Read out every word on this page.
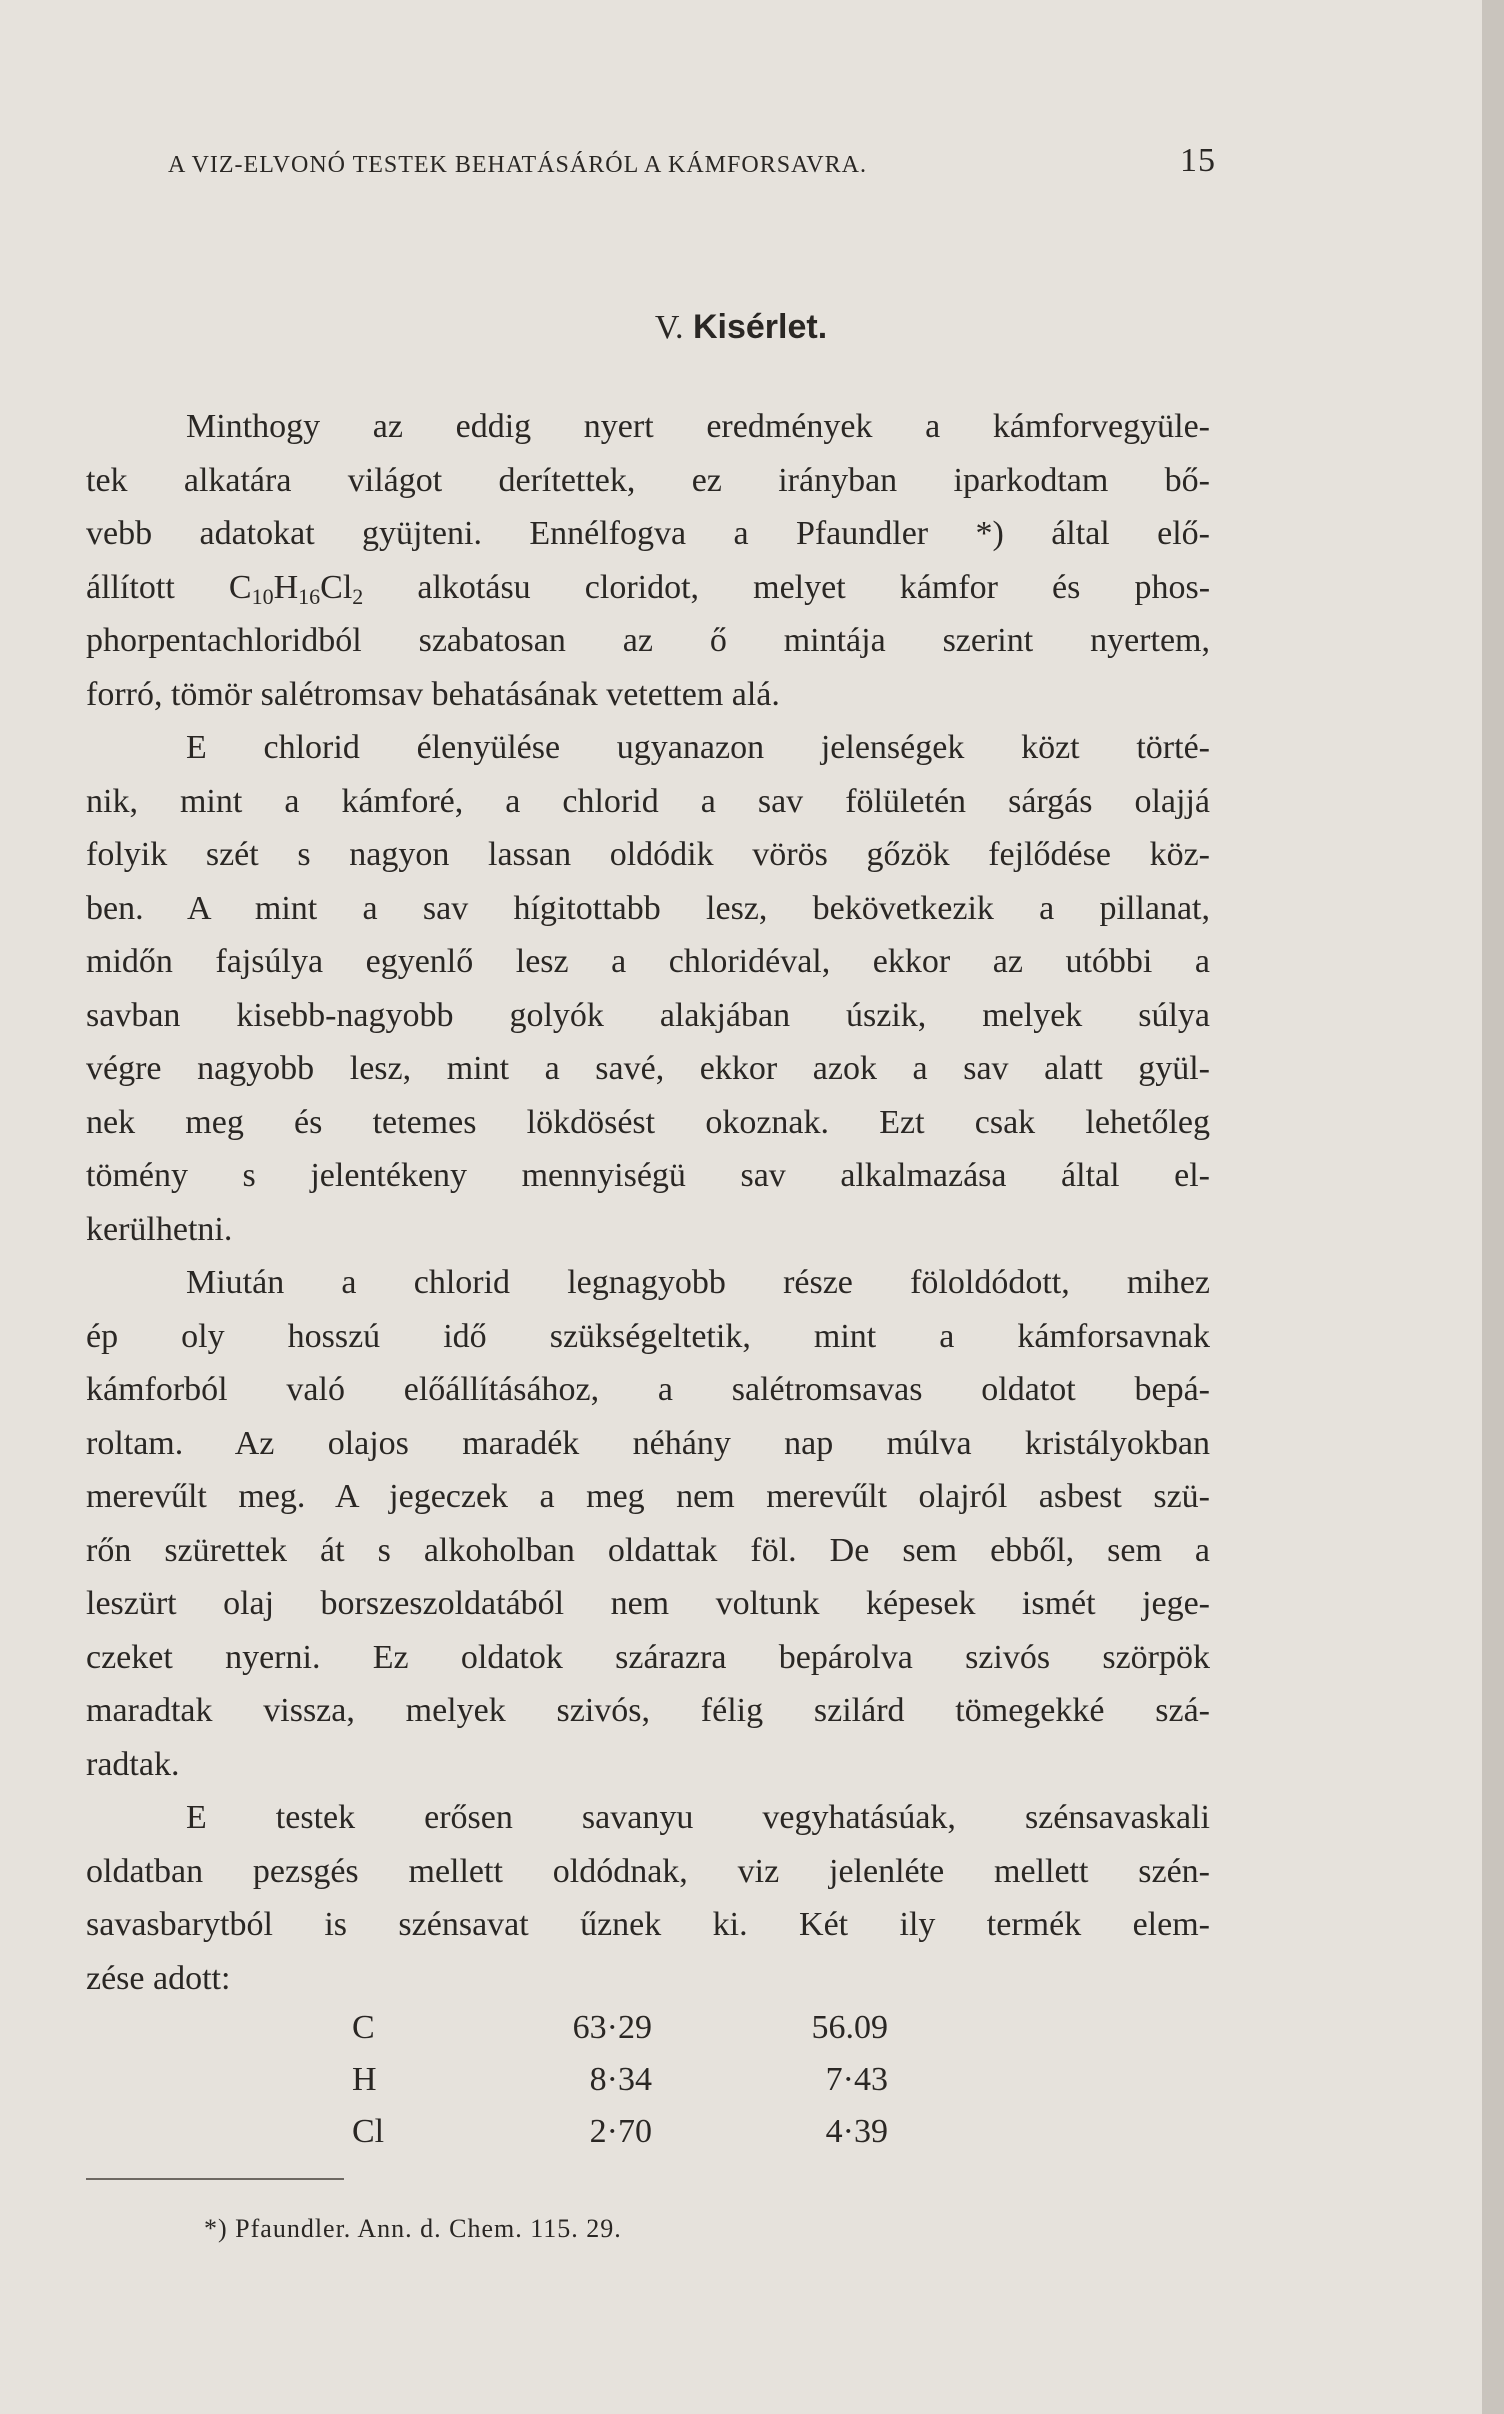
A VIZ-ELVONÓ TESTEK BEHATÁSÁRÓL A KÁMFORSAVRA.	15
V. Kisérlet.
Minthogy az eddig nyert eredmények a kámforvegyüle-
tek alkatára világot derítettek, ez irányban iparkodtam bő-
vebb adatokat gyüjteni. Ennélfogva a Pfaundler *) által elő-
állított $C_{10}H_{16}Cl_2$ alkotásu cloridot, melyet kámfor és phos-
phorpentachloridból szabatosan az ő mintája szerint nyertem,
forró, tömör salétromsav behatásának vetettem alá.
E chlorid élenyülése ugyanazon jelenségek közt törté-
nik, mint a kámforé, a chlorid a sav fölületén sárgás olajjá
folyik szét s nagyon lassan oldódik vörös gőzök fejlődése köz-
ben. A mint a sav hígitottabb lesz, bekövetkezik a pillanat,
midőn fajsúlya egyenlő lesz a chloridéval, ekkor az utóbbi a
savban kisebb-nagyobb golyók alakjában úszik, melyek súlya
végre nagyobb lesz, mint a savé, ekkor azok a sav alatt gyül-
nek meg és tetemes lökdösést okoznak. Ezt csak lehetőleg
tömény s jelentékeny mennyiségü sav alkalmazása által el-
kerülhetni.
Miután a chlorid legnagyobb része föloldódott, mihez
ép oly hosszú idő szükségeltetik, mint a kámforsavnak
kámforból való előállításához, a salétromsavas oldatot bepá-
roltam. Az olajos maradék néhány nap múlva kristályokban
merevűlt meg. A jegeczek a meg nem merevűlt olajról asbest szü-
rőn szürettek át s alkoholban oldattak föl. De sem ebből, sem a
leszürt olaj borszeszoldatából nem voltunk képesek ismét jege-
czeket nyerni. Ez oldatok szárazra bepárolva szivós szörpök
maradtak vissza, melyek szivós, félig szilárd tömegekké szá-
radtak.
E testek erősen savanyu vegyhatásúak, szénsavaskali
oldatban pezsgés mellett oldódnak, viz jelenléte mellett szén-
savasbarytból is szénsavat űznek ki. Két ily termék elem-
zése adott:
C	63·29	56.09
H	8·34	7·43
Cl	2·70	4·39
*) Pfaundler. Ann. d. Chem. 115. 29.
